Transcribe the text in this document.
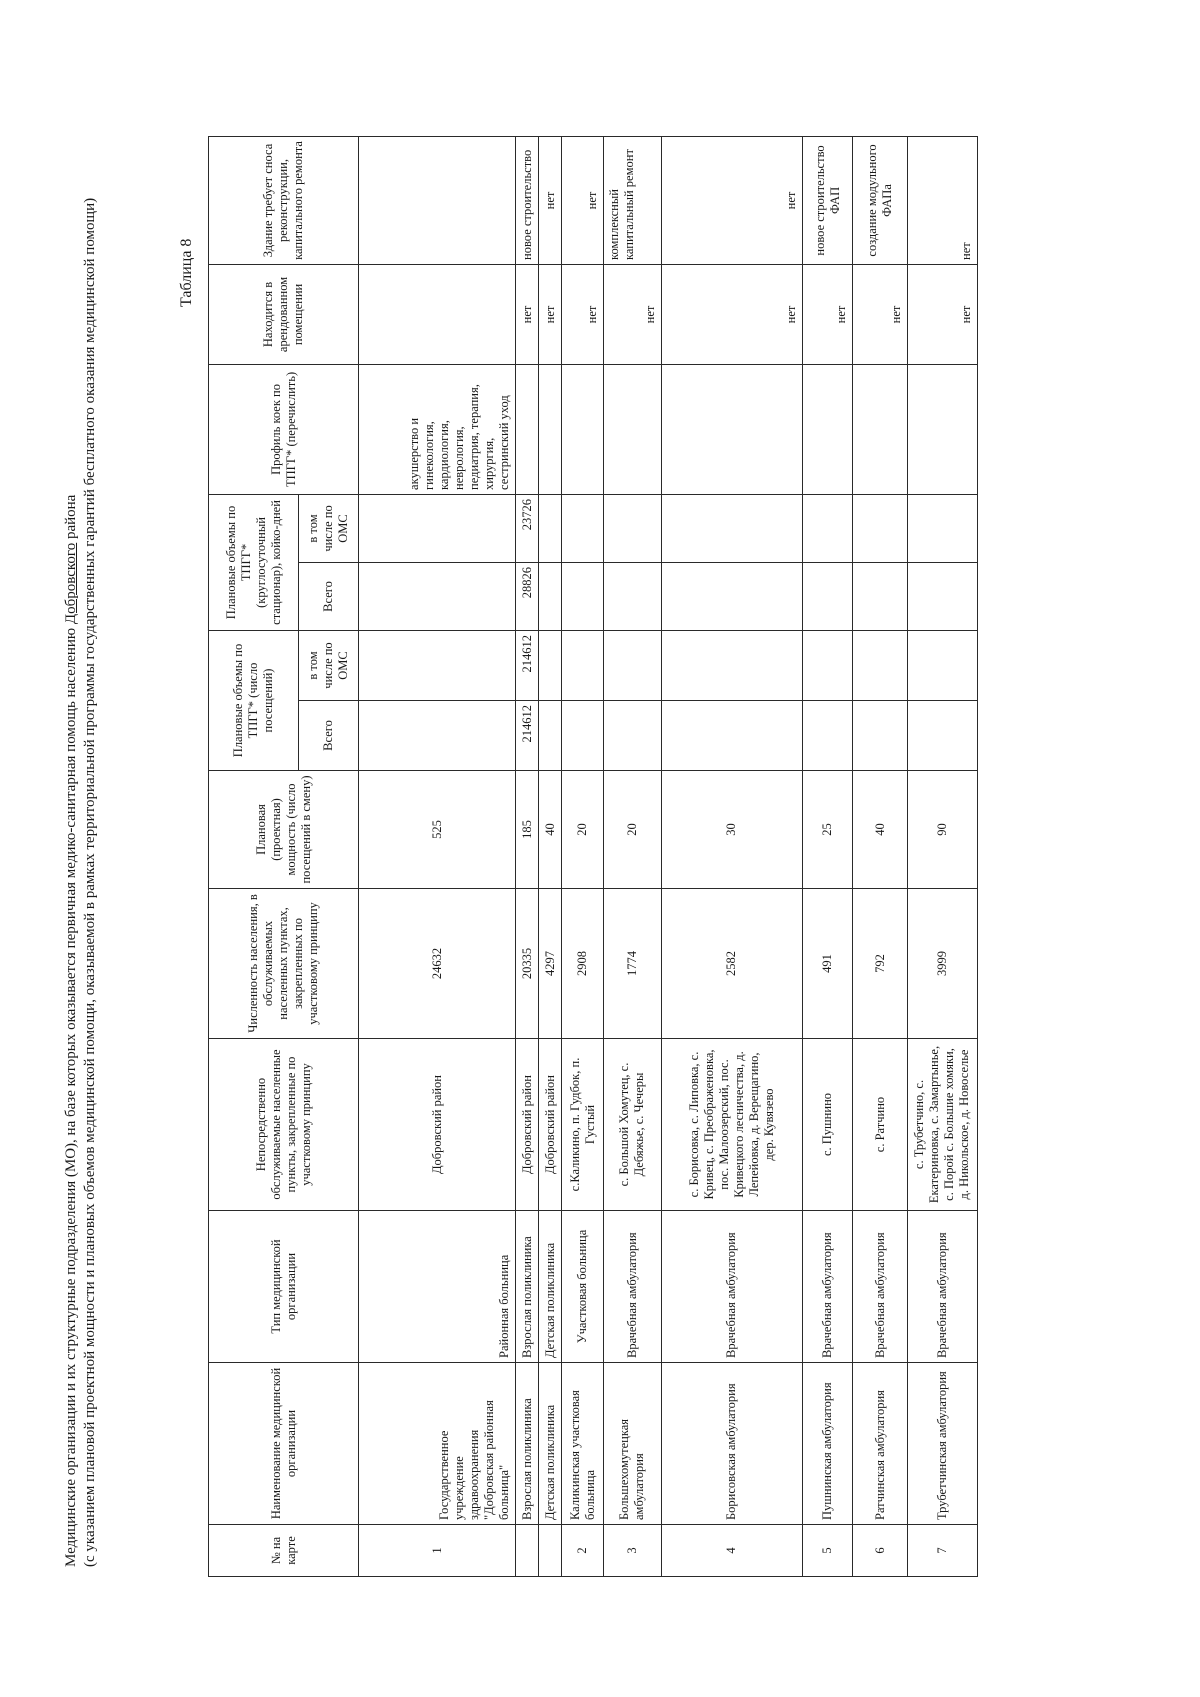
Медицинские организации и их структурные подразделения (МО), на базе которых оказывается первичная медико-санитарная помощь населению Добровского района (с указанием плановой проектной мощности и плановых объемов медицинской помощи, оказываемой в рамках территориальной программы государственных гарантий бесплатного оказания медицинской помощи)	Таблица 8
№ на карте	Наименование медицинской организации	Тип медицинской организации	Непосредственно обслуживаемые населенные пункты, закрепленные по участковому принципу	Численность населения, в обслуживаемых населенных пунктах, закрепленных по участковому принципу	Плановая (проектная) мощность (число посещений в смену)	Плановые объемы по ТПГГ* (число посещений)		Плановые объемы по ТПГГ* (круглосуточный стационар), койко-дней		Профиль коек по ТПГГ* (перечислить)	Находится в арендованном помещении	Здание требует сноса реконструкции, капитального ремонта
						Всего	в том числе по ОМС	Всего	в том числе по ОМС			
1	Государственное учреждение здравоохранения "Добровская районная больница"	Районная больница	Добровский район	24632	525					акушерство и гинекология, кардиология, неврология, педиатрия, терапия, хирургия, сестринский уход		
	Взрослая поликлиника	Взрослая поликлиника	Добровский район	20335	185	214612	214612	28826	23726		нет	новое строительство
	Детская поликлиника	Детская поликлиника	Добровский район	4297	40						нет	нет
2	Каликинская участковая больница	Участковая больница	с.Каликино, п. Гудбок, п. Густый	2908	20						нет	нет
3	Большехомутецкая амбулатория	Врачебная амбулатория	с. Большой Хомутец, с. Дебяжье, с. Чечеры	1774	20						нет	комплексный капитальный ремонт
4	Борисовская амбулатория	Врачебная амбулатория	с. Борисовка, с. Липовка, с. Кривец, с. Преображеновка, пос. Малоозерский, пос. Кривецкого лесничества, д. Лепейовка, д. Верещагино, дер. Кувязево	2582	30						нет	нет
5	Пушнинская амбулатория	Врачебная амбулатория	с. Пушнино	491	25						нет	новое строительство ФАП
6	Ратчинская амбулатория	Врачебная амбулатория	с. Ратчино	792	40						нет	создание модульного ФАПа
7	Трубетчинская амбулатория	Врачебная амбулатория	с. Трубетчино, с. Екатериновка, с. Замартынье, с. Порой с. Большие хомяки, д. Никольское, д. Новоселье	3999	90						нет	нет
